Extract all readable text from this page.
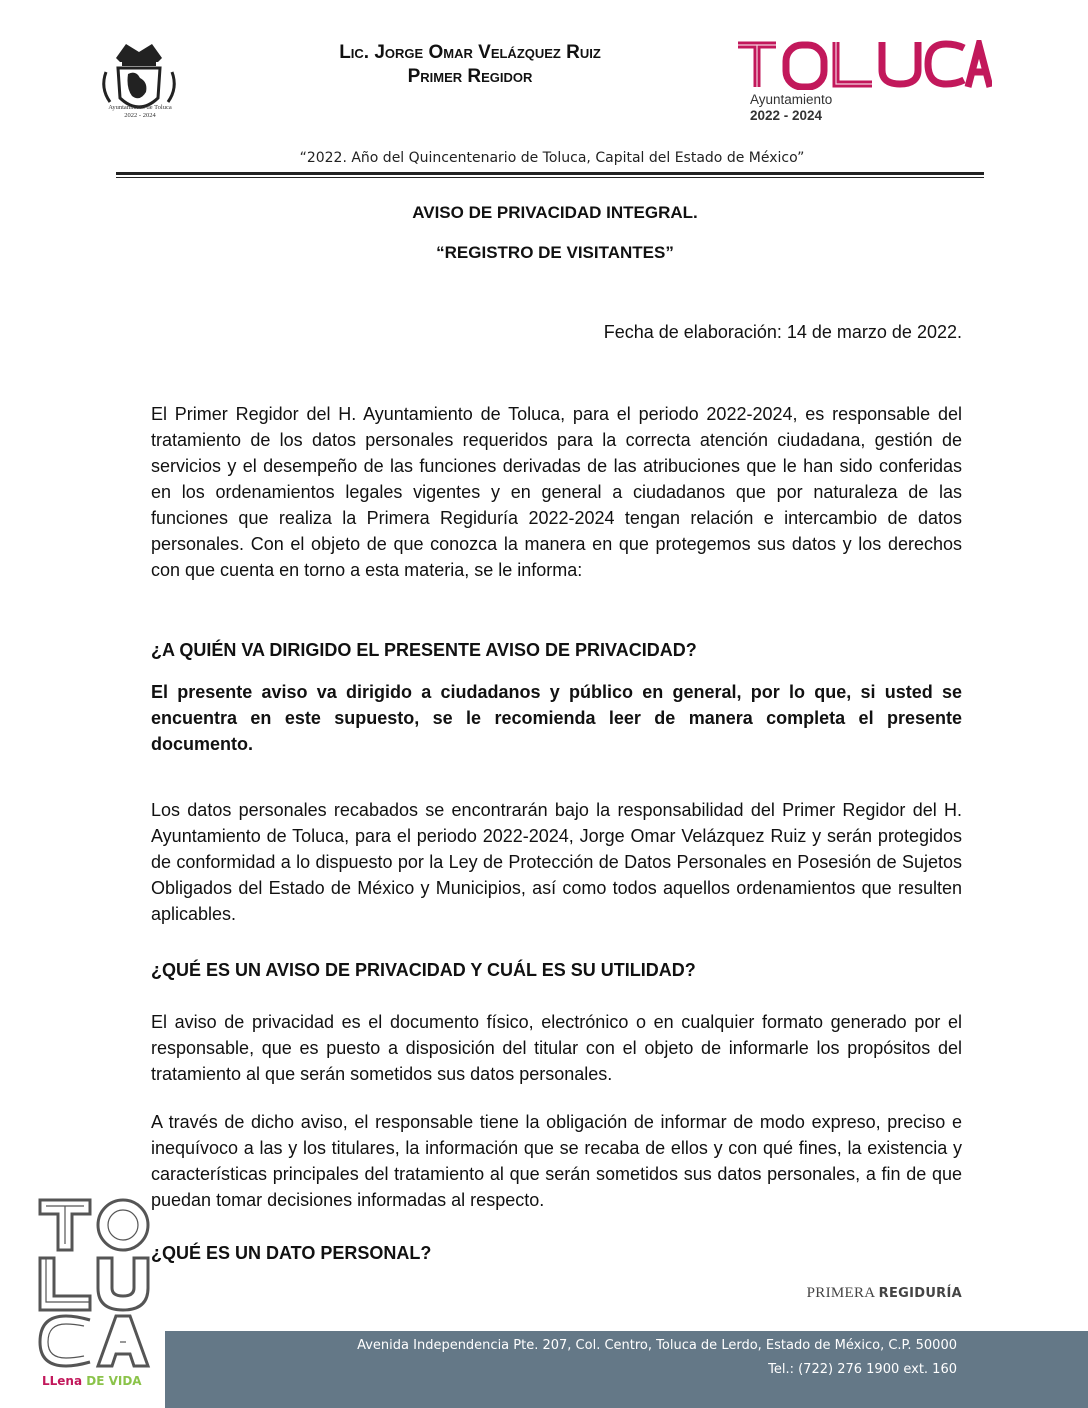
Ayuntamiento de Toluca
2022 - 2024
Lic. Jorge Omar Velázquez Ruiz
Primer Regidor
Ayuntamiento
2022 - 2024
“2022. Año del Quincentenario de Toluca, Capital del Estado de México”
AVISO DE PRIVACIDAD INTEGRAL.
“REGISTRO DE VISITANTES”
Fecha de elaboración: 14 de marzo de 2022.
El Primer Regidor del H. Ayuntamiento de Toluca, para el periodo 2022-2024, es responsable del tratamiento de los datos personales requeridos para la correcta atención ciudadana, gestión de servicios y el desempeño de las funciones derivadas de las atribuciones que le han sido conferidas en los ordenamientos legales vigentes y en general a ciudadanos que por naturaleza de las funciones que realiza la Primera Regiduría 2022-2024 tengan relación e intercambio de datos personales. Con el objeto de que conozca la manera en que protegemos sus datos y los derechos con que cuenta en torno a esta materia, se le informa:
¿A QUIÉN VA DIRIGIDO EL PRESENTE AVISO DE PRIVACIDAD?
El presente aviso va dirigido a ciudadanos y público en general, por lo que, si usted se encuentra en este supuesto, se le recomienda leer de manera completa el presente documento.
Los datos personales recabados se encontrarán bajo la responsabilidad del Primer Regidor del H. Ayuntamiento de Toluca, para el periodo 2022-2024, Jorge Omar Velázquez Ruiz y serán protegidos de conformidad a lo dispuesto por la Ley de Protección de Datos Personales en Posesión de Sujetos Obligados del Estado de México y Municipios, así como todos aquellos ordenamientos que resulten aplicables.
¿QUÉ ES UN AVISO DE PRIVACIDAD Y CUÁL ES SU UTILIDAD?
El aviso de privacidad es el documento físico, electrónico o en cualquier formato generado por el responsable, que es puesto a disposición del titular con el objeto de informarle los propósitos del tratamiento al que serán sometidos sus datos personales.
A través de dicho aviso, el responsable tiene la obligación de informar de modo expreso, preciso e inequívoco a las y los titulares, la información que se recaba de ellos y con qué fines, la existencia y características principales del tratamiento al que serán sometidos sus datos personales, a fin de que puedan tomar decisiones informadas al respecto.
¿QUÉ ES UN DATO PERSONAL?
PRIMERA REGIDURÍA
Avenida Independencia Pte. 207, Col. Centro, Toluca de Lerdo, Estado de México, C.P. 50000
Tel.: (722) 276 1900 ext. 160
LLena DE VIDA
